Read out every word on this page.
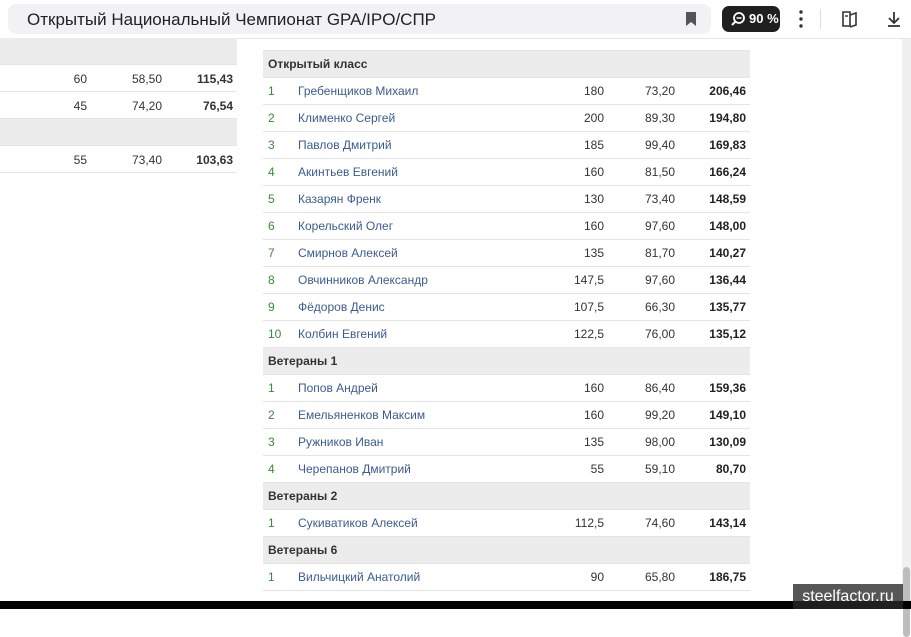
Открытый Национальный Чемпионат GPA/IPO/СПР	90 %
60	58,50	115,43
45	74,20	76,54
55	73,40	103,63
Открытый класс
1 Гребенщиков Михаил	180	73,20	206,46
2 Клименко Сергей	200	89,30	194,80
3 Павлов Дмитрий	185	99,40	169,83
4 Акинтьев Евгений	160	81,50	166,24
5 Казарян Френк	130	73,40	148,59
6 Корельский Олег	160	97,60	148,00
7 Смирнов Алексей	135	81,70	140,27
8 Овчинников Александр	147,5	97,60	136,44
9 Фёдоров Денис	107,5	66,30	135,77
10 Колбин Евгений	122,5	76,00	135,12
Ветераны 1
1 Попов Андрей	160	86,40	159,36
2 Емельяненков Максим	160	99,20	149,10
3 Ружников Иван	135	98,00	130,09
4 Черепанов Дмитрий	55	59,10	80,70
Ветераны 2
1 Сукиватиков Алексей	112,5	74,60	143,14
Ветераны 6
1 Вильчицкий Анатолий	90	65,80	186,75
steelfactor.ru
